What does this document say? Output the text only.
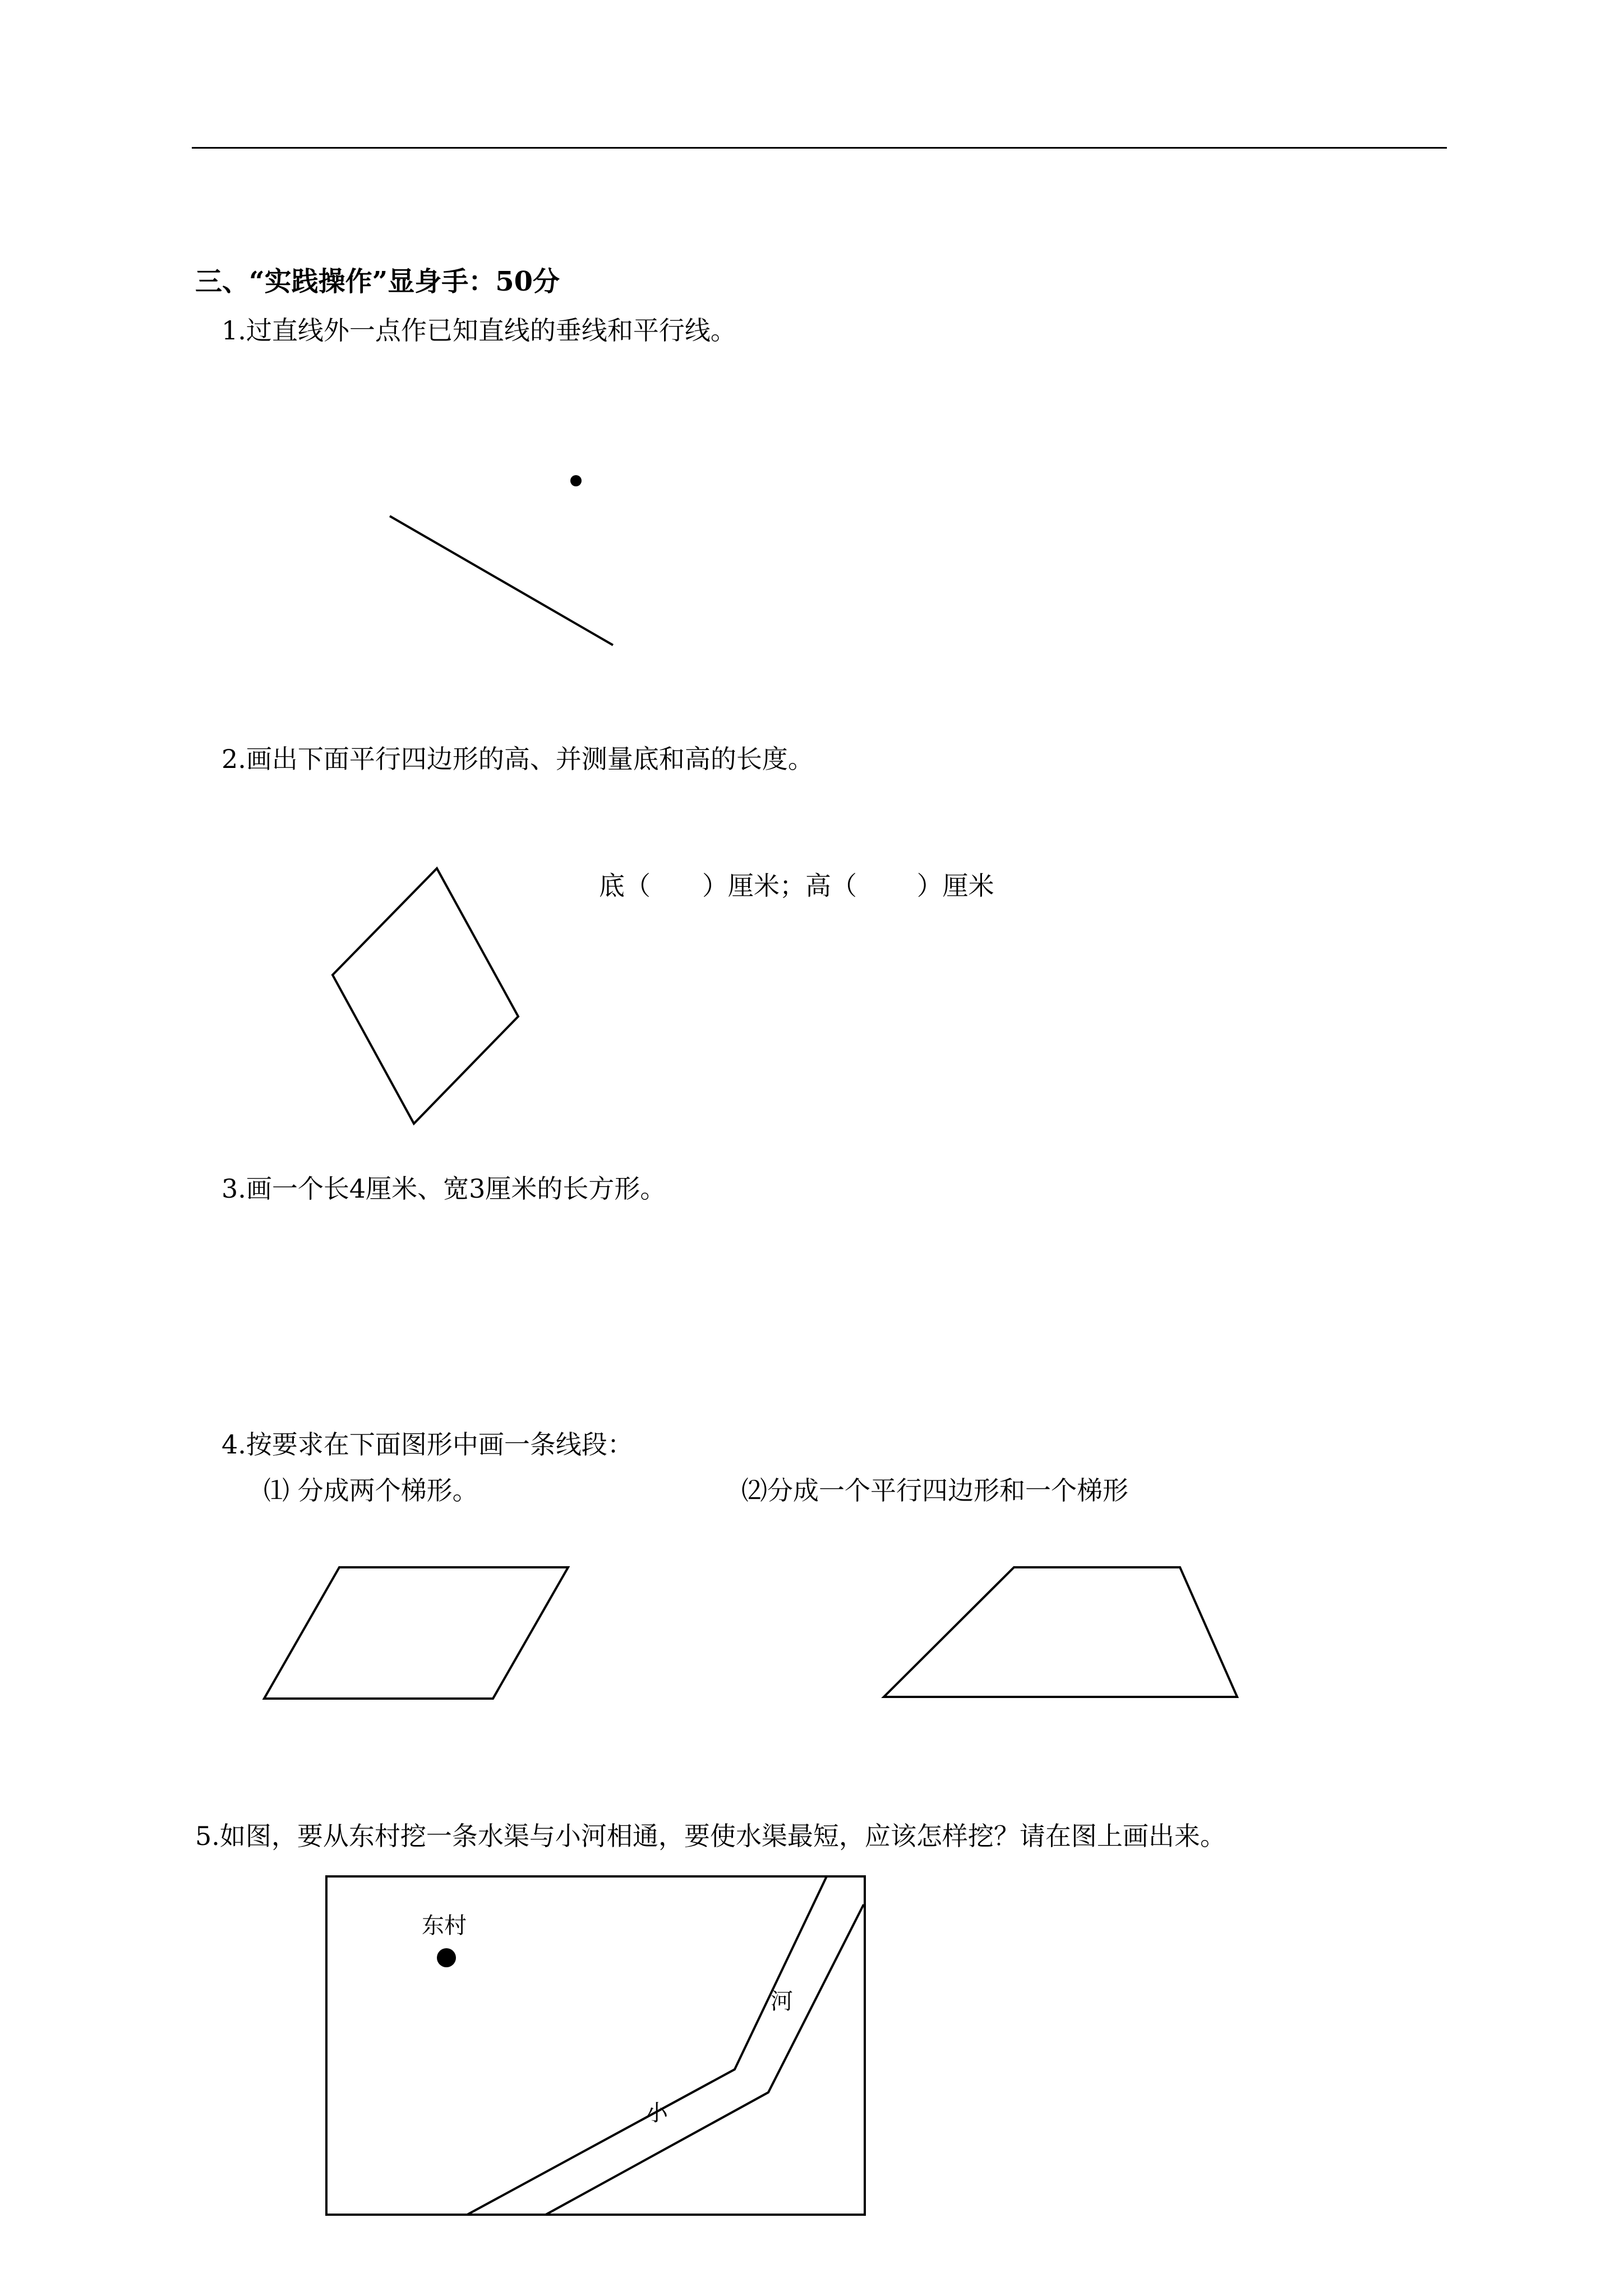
三、“实践操作”显身手：50分
1.过直线外一点作已知直线的垂线和平行线。
2.画出下面平行四边形的高、并测量底和高的长度。
底（　　）厘米；高（　　 ）厘米
3.画一个长4厘米、宽3厘米的长方形。
4.按要求在下面图形中画一条线段：
⑴ 分成两个梯形。	⑵分成一个平行四边形和一个梯形
5.如图，要从东村挖一条水渠与小河相通，要使水渠最短，应该怎样挖？请在图上画出来。
东村
河
小
